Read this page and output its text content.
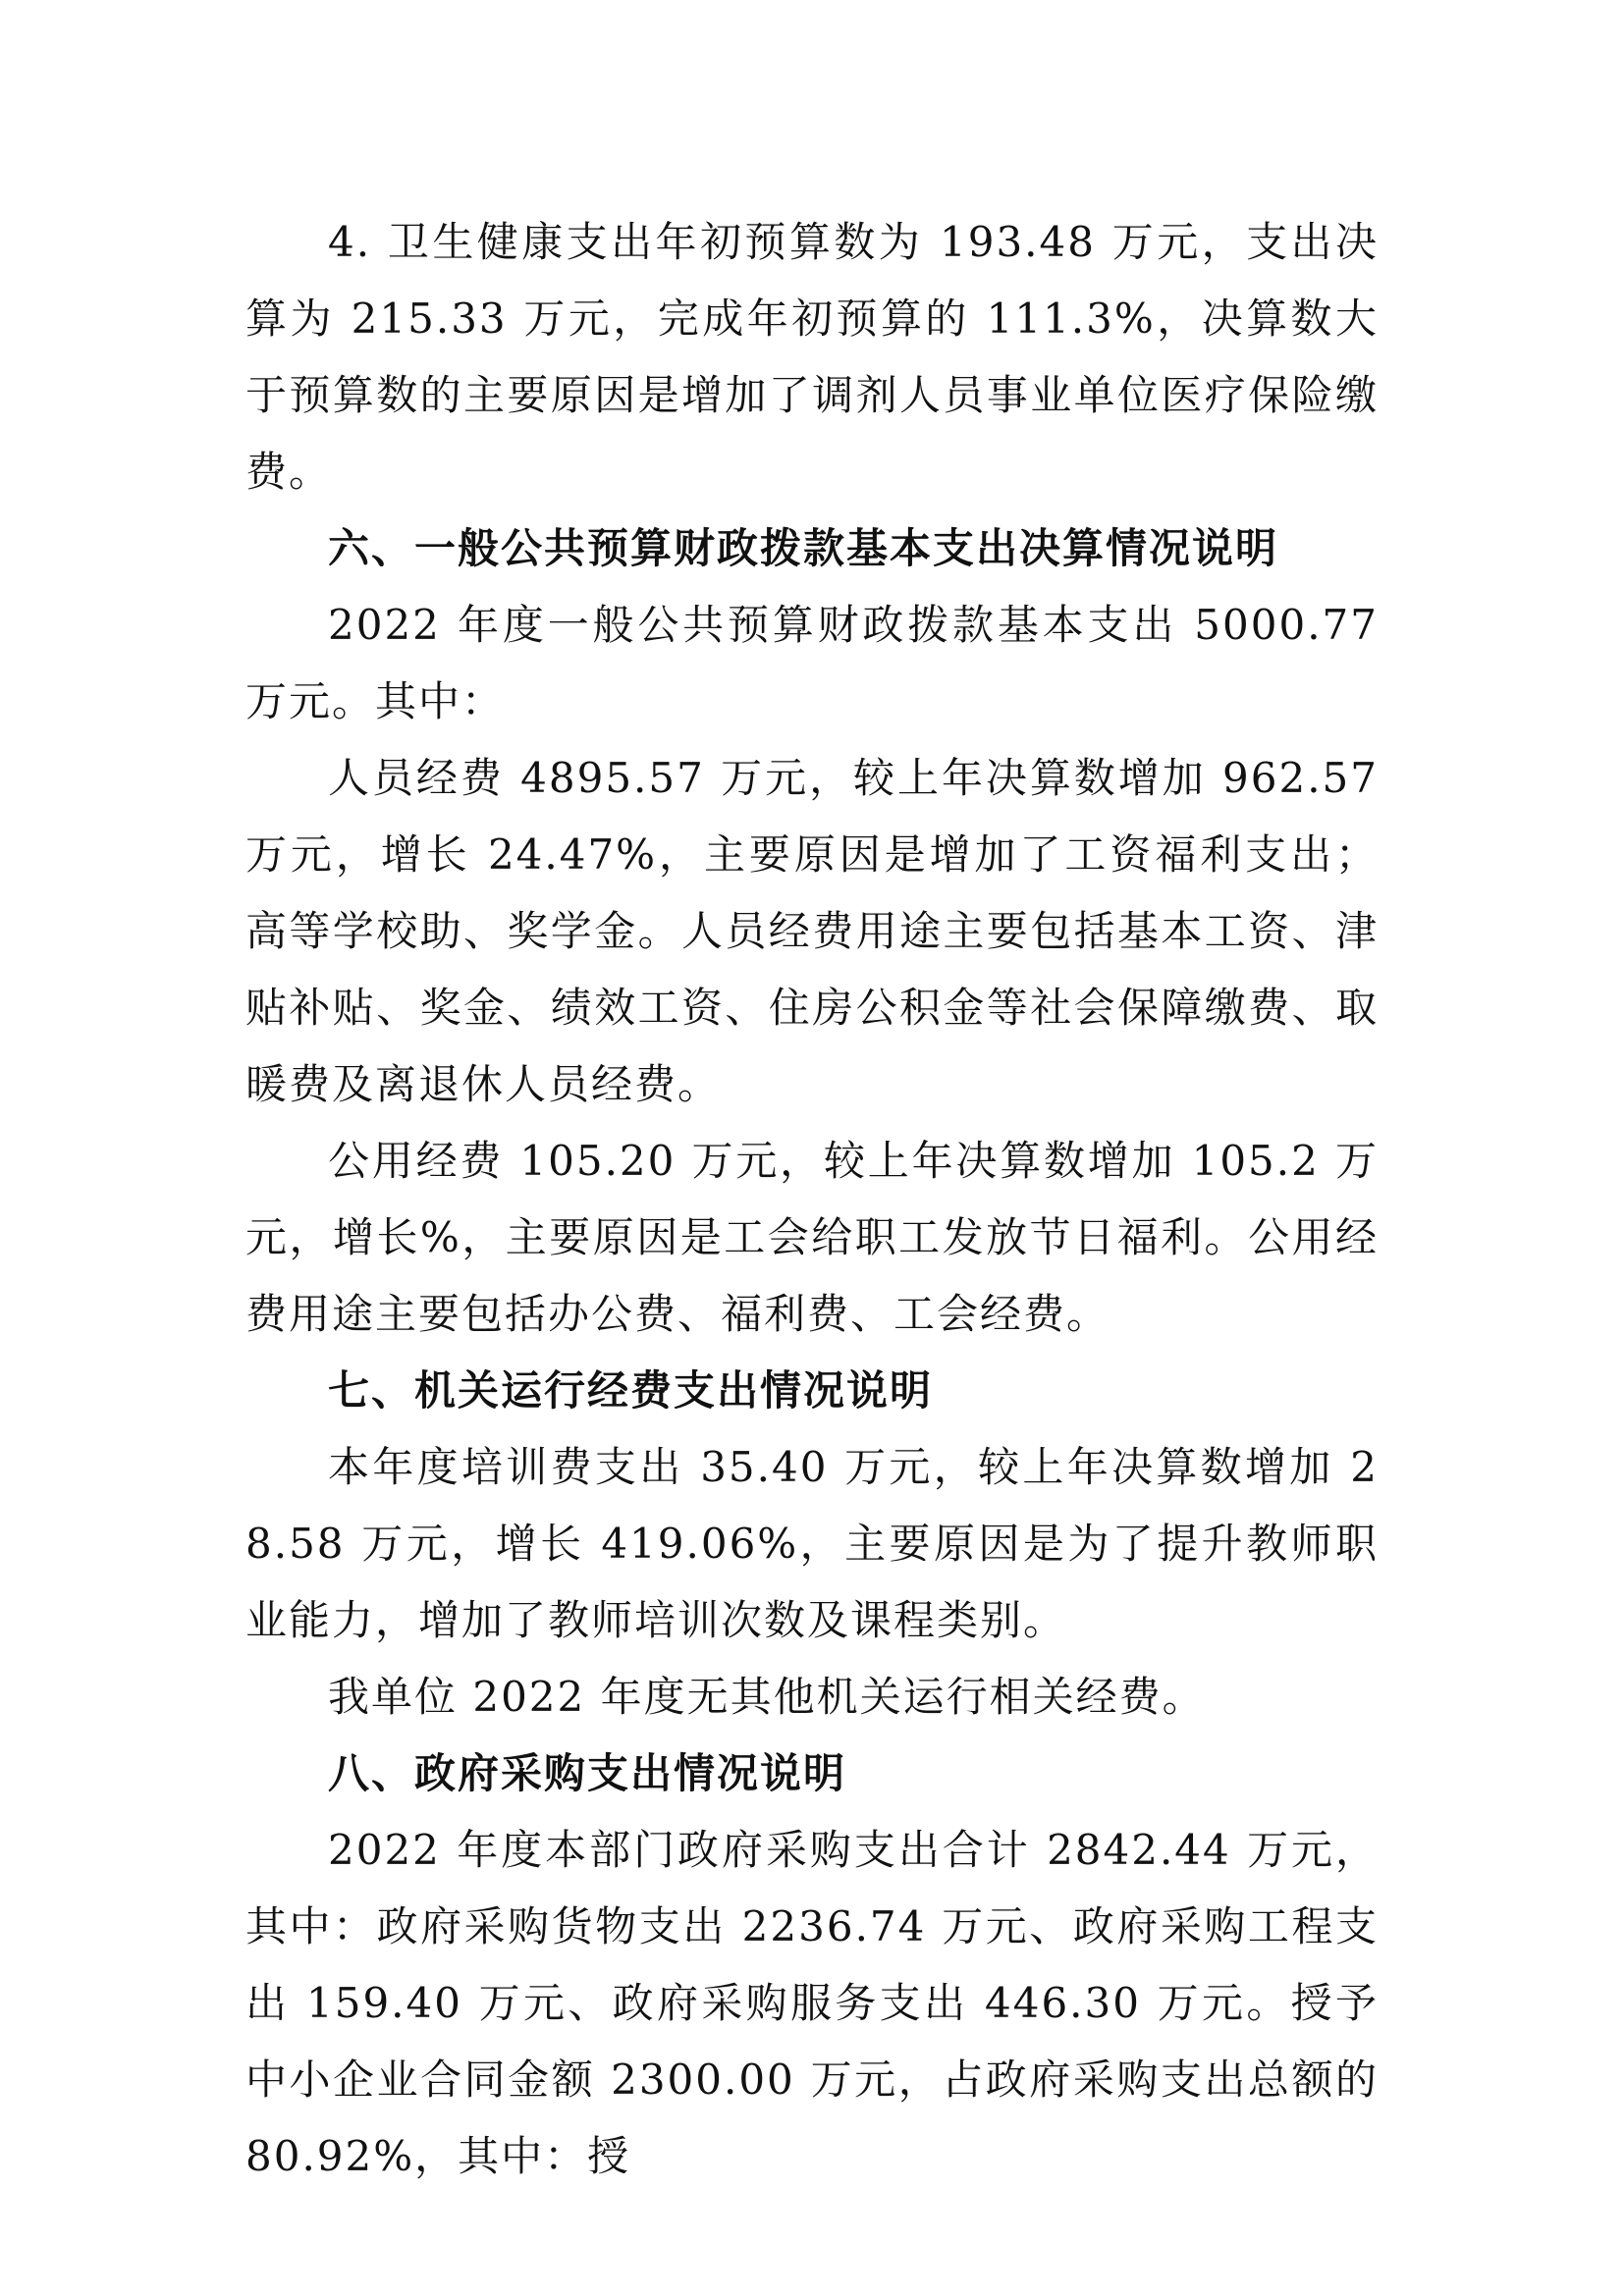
4. 卫生健康支出年初预算数为 193.48 万元，支出决算为 215.33 万元，完成年初预算的 111.3%，决算数大于预算数的主要原因是增加了调剂人员事业单位医疗保险缴费。

六、一般公共预算财政拨款基本支出决算情况说明

2022 年度一般公共预算财政拨款基本支出 5000.77 万元。其中：

人员经费 4895.57 万元，较上年决算数增加 962.57 万元，增长 24.47%，主要原因是增加了工资福利支出；高等学校助、奖学金。人员经费用途主要包括基本工资、津贴补贴、奖金、绩效工资、住房公积金等社会保障缴费、取暖费及离退休人员经费。

公用经费 105.20 万元，较上年决算数增加 105.2 万元，增长%，主要原因是工会给职工发放节日福利。公用经费用途主要包括办公费、福利费、工会经费。

七、机关运行经费支出情况说明

本年度培训费支出 35.40 万元，较上年决算数增加 28.58 万元，增长 419.06%，主要原因是为了提升教师职业能力，增加了教师培训次数及课程类别。

我单位 2022 年度无其他机关运行相关经费。

八、政府采购支出情况说明

2022 年度本部门政府采购支出合计 2842.44 万元，其中：政府采购货物支出 2236.74 万元、政府采购工程支出 159.40 万元、政府采购服务支出 446.30 万元。授予中小企业合同金额 2300.00 万元，占政府采购支出总额的 80.92%，其中：授
